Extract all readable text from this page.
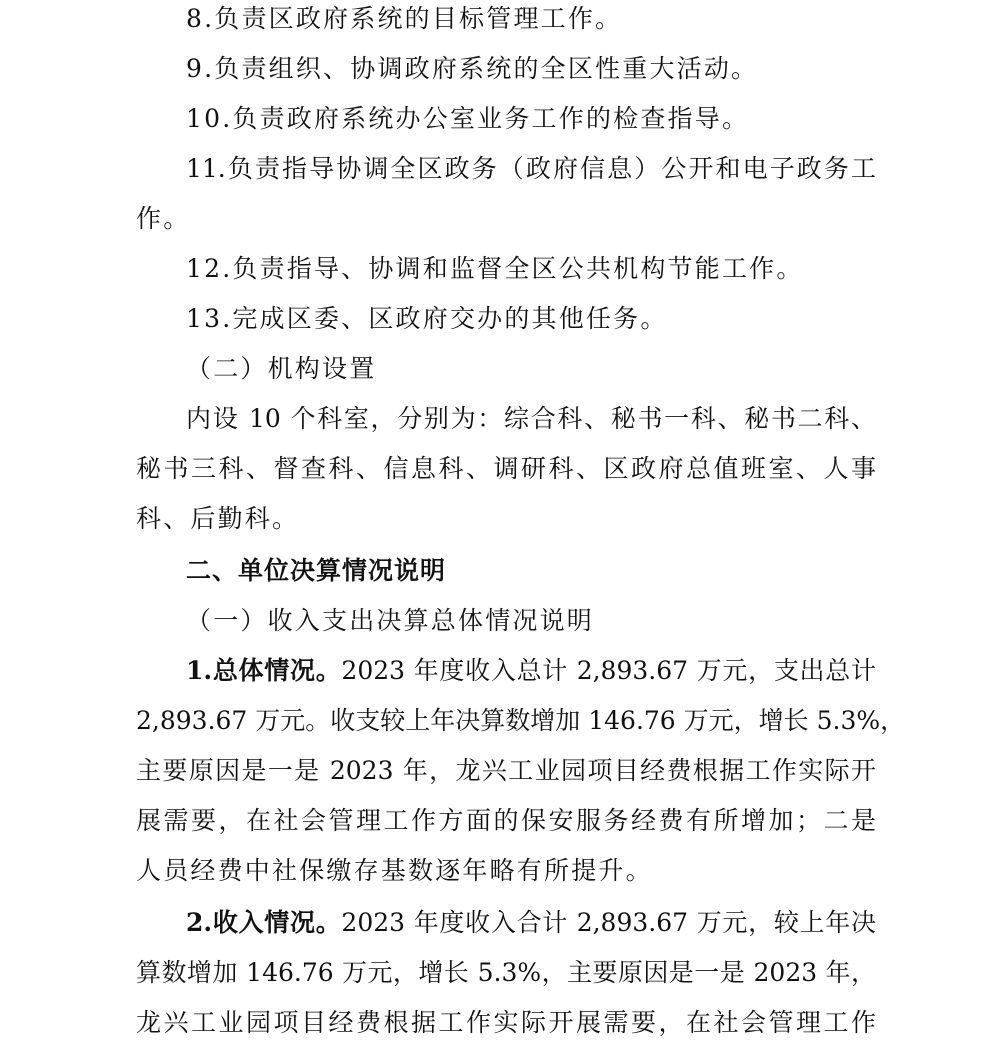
8.负责区政府系统的目标管理工作。
9.负责组织、协调政府系统的全区性重大活动。
10.负责政府系统办公室业务工作的检查指导。
11.负责指导协调全区政务（政府信息）公开和电子政务工
作。
12.负责指导、协调和监督全区公共机构节能工作。
13.完成区委、区政府交办的其他任务。
（二）机构设置
内设 10 个科室，分别为：综合科、秘书一科、秘书二科、
秘书三科、督查科、信息科、调研科、区政府总值班室、人事
科、后勤科。
二、单位决算情况说明
（一）收入支出决算总体情况说明
1.总体情况。2023 年度收入总计 2,893.67 万元，支出总计
2,893.67 万元。收支较上年决算数增加 146.76 万元，增长 5.3%，
主要原因是一是 2023 年，龙兴工业园项目经费根据工作实际开
展需要，在社会管理工作方面的保安服务经费有所增加；二是
人员经费中社保缴存基数逐年略有所提升。
2.收入情况。2023 年度收入合计 2,893.67 万元，较上年决
算数增加 146.76 万元，增长 5.3%，主要原因是一是 2023 年，
龙兴工业园项目经费根据工作实际开展需要，在社会管理工作
